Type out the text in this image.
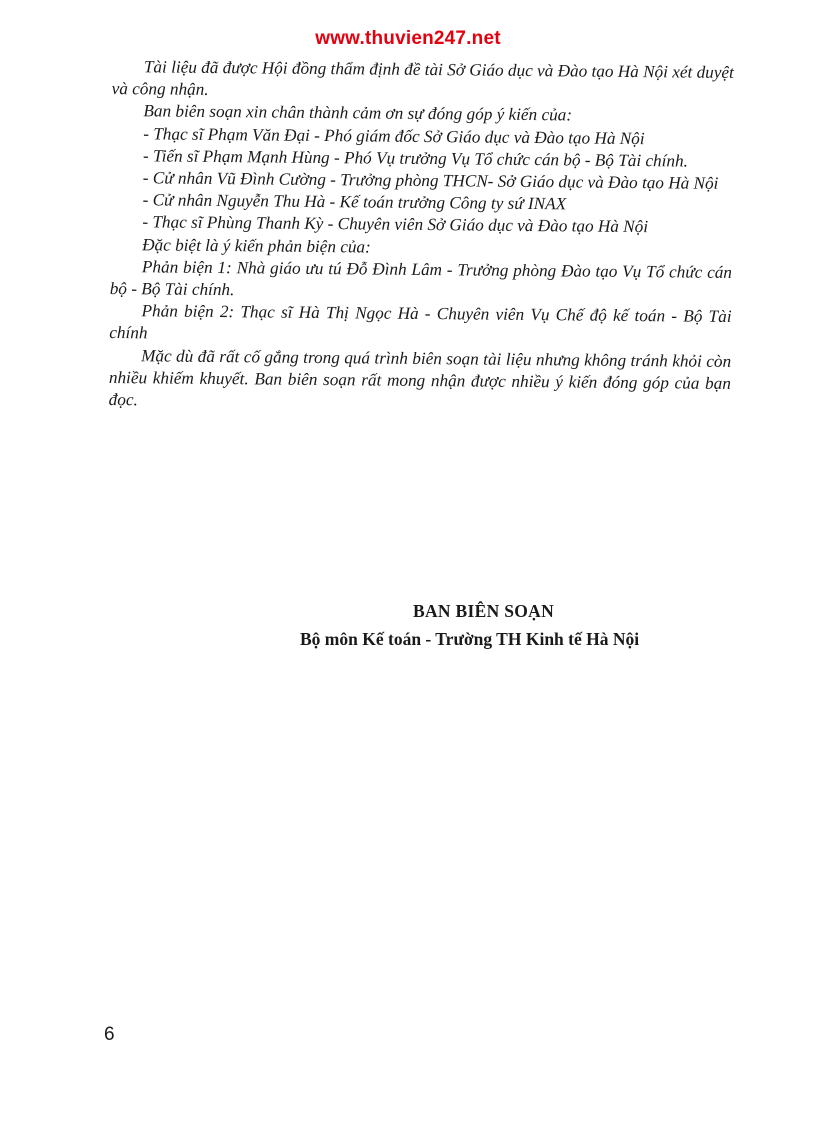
www.thuvien247.net

Tài liệu đã được Hội đồng thẩm định đề tài Sở Giáo dục và Đào tạo Hà Nội xét duyệt và công nhận.

Ban biên soạn xin chân thành cảm ơn sự đóng góp ý kiến của:

- Thạc sĩ Phạm Văn Đại - Phó giám đốc Sở Giáo dục và Đào tạo Hà Nội

- Tiến sĩ Phạm Mạnh Hùng - Phó Vụ trưởng Vụ Tổ chức cán bộ - Bộ Tài chính.

- Cử nhân Vũ Đình Cường - Trưởng phòng THCN- Sở Giáo dục và Đào tạo Hà Nội

- Cử nhân Nguyễn Thu Hà - Kế toán trưởng Công ty sứ INAX

- Thạc sĩ Phùng Thanh Kỳ - Chuyên viên Sở Giáo dục và Đào tạo Hà Nội

Đặc biệt là ý kiến phản biện của:

Phản biện 1: Nhà giáo ưu tú Đỗ Đình Lâm - Trưởng phòng Đào tạo Vụ Tổ chức cán bộ - Bộ Tài chính.

Phản biện 2: Thạc sĩ Hà Thị Ngọc Hà - Chuyên viên Vụ Chế độ kế toán - Bộ Tài chính

Mặc dù đã rất cố gắng trong quá trình biên soạn tài liệu nhưng không tránh khỏi còn nhiều khiếm khuyết. Ban biên soạn rất mong nhận được nhiều ý kiến đóng góp của bạn đọc.

BAN BIÊN SOẠN
Bộ môn Kế toán - Trường TH Kinh tế Hà Nội
6
